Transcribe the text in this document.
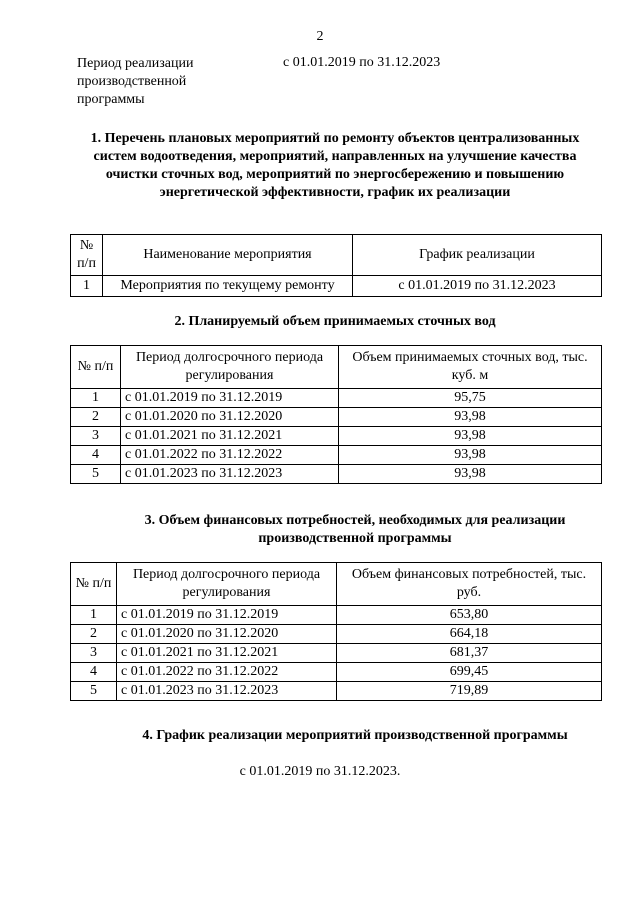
2
Период реализации производственной программы
с 01.01.2019 по 31.12.2023
1. Перечень плановых мероприятий по ремонту объектов централизованных систем водоотведения, мероприятий, направленных на улучшение качества очистки сточных вод, мероприятий по энергосбережению и повышению энергетической эффективности, график их реализации
№ п/п	Наименование мероприятия	График реализации
1	Мероприятия по текущему ремонту	с 01.01.2019 по 31.12.2023
2. Планируемый объем принимаемых сточных вод
№ п/п	Период долгосрочного периода регулирования	Объем принимаемых сточных вод, тыс. куб. м
1	с 01.01.2019 по 31.12.2019	95,75
2	с 01.01.2020 по 31.12.2020	93,98
3	с 01.01.2021 по 31.12.2021	93,98
4	с 01.01.2022 по 31.12.2022	93,98
5	с 01.01.2023 по 31.12.2023	93,98
3. Объем финансовых потребностей, необходимых для реализации производственной программы
№ п/п	Период долгосрочного периода регулирования	Объем финансовых потребностей, тыс. руб.
1	с 01.01.2019 по 31.12.2019	653,80
2	с 01.01.2020 по 31.12.2020	664,18
3	с 01.01.2021 по 31.12.2021	681,37
4	с 01.01.2022 по 31.12.2022	699,45
5	с 01.01.2023 по 31.12.2023	719,89
4. График реализации мероприятий производственной программы
с 01.01.2019 по 31.12.2023.
